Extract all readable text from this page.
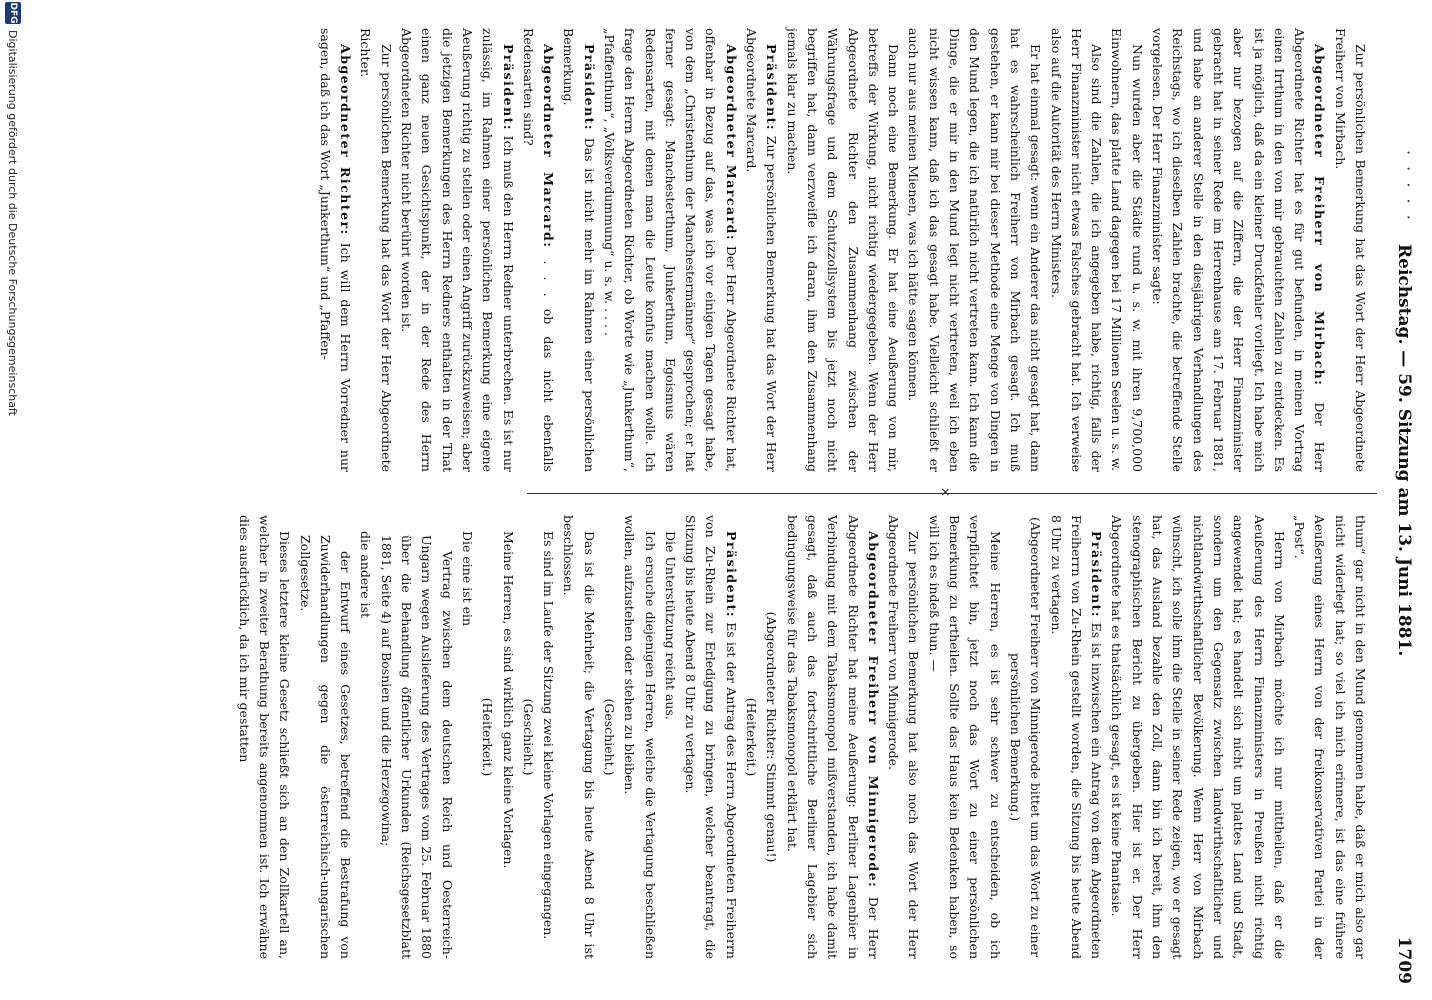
· · · · ·
Reichstag. — 59. Sitzung am 13. Juni 1881.
1709
✕

Zur persönlichen Bemerkung hat das Wort der Herr Abgeordnete Freiherr von Mirbach.

Abgeordneter Freiherr von Mirbach: Der Herr Abgeordnete Richter hat es für gut befunden, in meinen Vortrag einen Irrthum in den von mir gebrauchten Zahlen zu entdecken. Es ist ja möglich, daß da ein kleiner Druckfehler vorliegt. Ich habe mich aber nur bezogen auf die Ziffern, die der Herr Finanzminister gebracht hat in seiner Rede im Herrenhause am 17. Februar 1881, und habe an anderer Stelle in den diesjährigen Verhandlungen des Reichstags, wo ich dieselben Zahlen brachte, die betreffende Stelle vorgelesen. Der Herr Finanzminister sagte:

Nun wurden aber die Städte rund u. s. w. mit ihren 9,700,000 Einwohnern, das platte Land dagegen bei 17 Millionen Seelen u. s. w.

Also sind die Zahlen, die ich angegeben habe, richtig, falls der Herr Finanzminister nicht etwas Falsches gebracht hat. Ich verweise also auf die Autorität des Herrn Ministers.

Er hat einmal gesagt: wenn ein Anderer das nicht gesagt hat, dann hat es wahrscheinlich Freiherr von Mirbach gesagt. Ich muß gestehen, er kann mir bei dieser Methode eine Menge von Dingen in den Mund legen, die ich natürlich nicht vertreten kann. Ich kann die Dinge, die er mir in den Mund legt nicht vertreten, weil ich eben nicht wissen kann, daß ich das gesagt habe. Vielleicht schließt er auch nur aus meinen Mienen, was ich hätte sagen können.

Dann noch eine Bemerkung. Er hat eine Aeußerung von mir, betreffs der Wirkung, nicht richtig wiedergegeben. Wenn der Herr Abgeordnete Richter den Zusammenhang zwischen der Währungsfrage und dem Schutzzollsystem bis jetzt noch nicht begriffen hat, dann verzweifle ich daran, ihm den Zusammenhang jemals klar zu machen.

Präsident: Zur persönlichen Bemerkung hat das Wort der Herr Abgeordnete Marcard.

Abgeordneter Marcard: Der Herr Abgeordnete Richter hat, offenbar in Bezug auf das, was ich vor einigen Tagen gesagt habe, von dem „Christenthum der Manchestermänner“ gesprochen; er hat ferner gesagt: Manchesterthum, Junkerthum, Egoismus wären Redensarten, mit denen man die Leute konfus machen wolle. Ich frage den Herrn Abgeordneten Richter, ob Worte wie „Junkerthum“, „Pfaffenthum“, „Volksverdummung“ u. s. w. . . . .

Präsident: Das ist nicht mehr im Rahmen einer persönlichen Bemerkung.

Abgeordneter Marcard: . . . ob das nicht ebenfalls Redensarten sind?

Präsident: Ich muß den Herrn Redner unterbrechen. Es ist nur zulässig, im Rahmen einer persönlichen Bemerkung eine eigene Aeußerung richtig zu stellen oder einen Angriff zurückzuweisen; aber die jetzigen Bemerkungen des Herrn Redners enthalten in der That einen ganz neuen Gesichtspunkt, der in der Rede des Herrn Abgeordneten Richter nicht berührt worden ist.

Zur persönlichen Bemerkung hat das Wort der Herr Abgeordnete Richter.

Abgeordneter Richter: Ich will dem Herrn Vorredner nur sagen, daß ich das Wort „Junkerthum“ und „Pfaffen-

thum“ gar nicht in den Mund genommen habe, daß er mich also gar nicht widerlegt hat; so viel ich mich erinnere, ist das eine frühere Aeußerung eines Herrn von der freikonservativen Partei in der „Post“.

Herrn von Mirbach möchte ich nur mittheilen, daß er die Aeußerung des Herrn Finanzministers in Preußen nicht richtig angewendet hat; es handelt sich nicht um plattes Land und Stadt, sondern um den Gegensatz zwischen landwirthschaftlicher und nichtlandwirthschaftlicher Bevölkerung. Wenn Herr von Mirbach wünscht, ich solle ihm die Stelle in seiner Rede zeigen, wo er gesagt hat, das Ausland bezahle den Zoll, dann bin ich bereit, ihm den stenographischen Bericht zu übergeben. Hier ist er. Der Herr Abgeordnete hat es thatsächlich gesagt, es ist keine Phantasie.

Präsident: Es ist inzwischen ein Antrag von dem Abgeordneten Freiherrn von Zu-Rhein gestellt worden, die Sitzung bis heute Abend 8 Uhr zu vertagen.

(Abgeordneter Freiherr von Minnigerode bittet um das Wort zu einer persönlichen Bemerkung.)

Meine Herren, es ist sehr schwer zu entscheiden, ob ich verpflichtet bin, jetzt noch das Wort zu einer persönlichen Bemerkung zu ertheilen. Sollte das Haus kein Bedenken haben, so will ich es indeß thun. —

Zur persönlichen Bemerkung hat also noch das Wort der Herr Abgeordnete Freiherr von Minnigerode.

Abgeordneter Freiherr von Minnigerode: Der Herr Abgeordnete Richter hat meine Aeußerung: Berliner Lagenbier in Verbindung mit dem Tabaksmonopol mißverstanden, ich habe damit gesagt, daß auch das fortschrittliche Berliner Lagebier sich bedingungsweise für das Tabaksmonopol erklärt hat.

(Abgeordneter Richter: Stimmt genau!)

(Heiterkeit.)

Präsident: Es ist der Antrag des Herrn Abgeordneten Freiherrn von Zu-Rhein zur Erledigung zu bringen, welcher beantragt, die Sitzung bis heute Abend 8 Uhr zu vertagen.

Die Unterstützung reicht aus.

Ich ersuche diejenigen Herren, welche die Vertagung beschließen wollen, aufzustehen oder stehen zu bleiben.

(Geschieht.)

Das ist die Mehrheit; die Vertagung bis heute Abend 8 Uhr ist beschlossen.

Es sind im Laufe der Sitzung zwei kleine Vorlagen eingegangen.

(Geschieht.)

Meine Herren, es sind wirklich ganz kleine Vorlagen.

(Heiterkeit.)

Die eine ist ein

Vertrag zwischen dem deutschen Reich und Oesterreich-Ungarn wegen Auslieferung des Vertrages vom 25. Februar 1880 über die Behandlung öffentlicher Urkunden (Reichsgesetzblatt 1881, Seite 4) auf Bosnien und die Herzegowina;

die andere ist

der Entwurf eines Gesetzes, betreffend die Bestrafung von Zuwiderhandlungen gegen die österreichisch-ungarischen Zollgesetze.

Dieses letztere kleine Gesetz schließt sich an den Zollkartell an, welcher in zweiter Berathung bereits angenommen ist. Ich erwähne dies ausdrücklich, da ich mir gestatten

DFG
Digitalisierung gefördert durch die Deutsche Forschungsgemeinschaft
